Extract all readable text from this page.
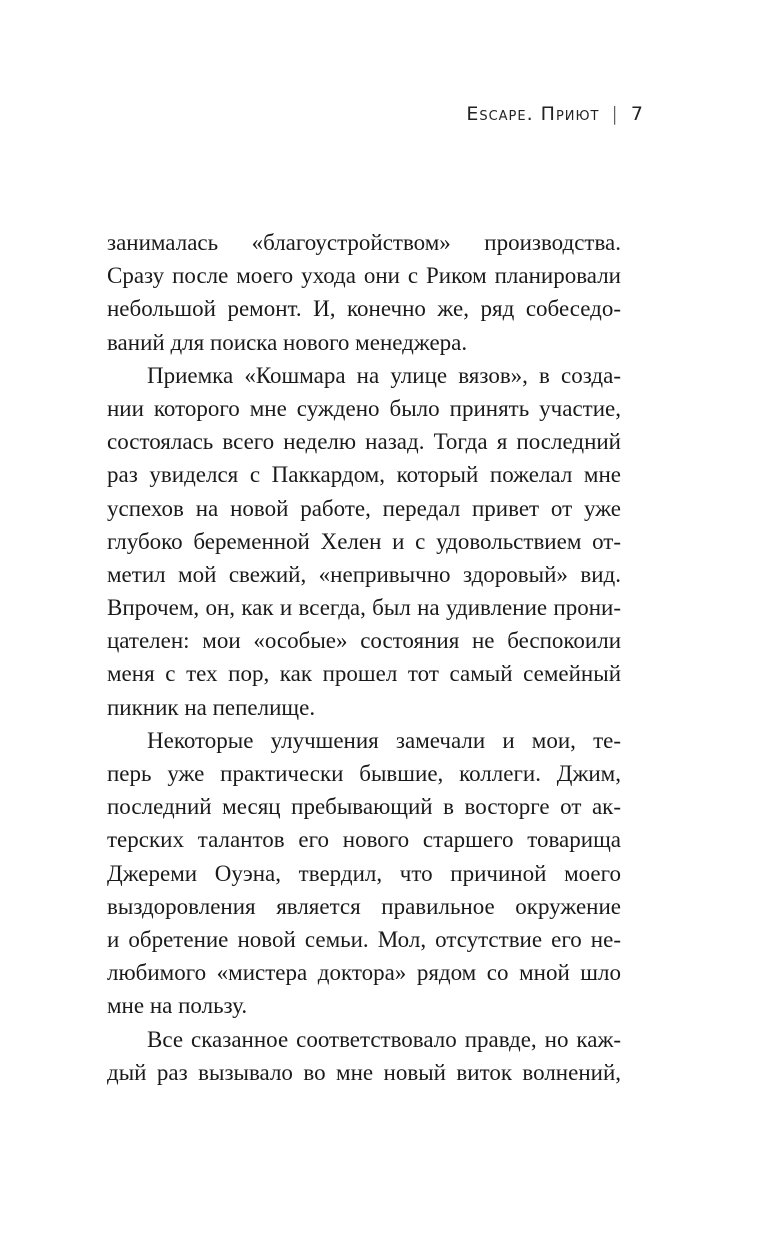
Escape. Приют | 7
занималась «благоустройством» производства.
Сразу после моего ухода они с Риком планировали
небольшой ремонт. И, конечно же, ряд собеседо-
ваний для поиска нового менеджера.
Приемка «Кошмара на улице вязов», в созда-
нии которого мне суждено было принять участие,
состоялась всего неделю назад. Тогда я последний
раз увиделся с Паккардом, который пожелал мне
успехов на новой работе, передал привет от уже
глубоко беременной Хелен и с удовольствием от-
метил мой свежий, «непривычно здоровый» вид.
Впрочем, он, как и всегда, был на удивление прони-
цателен: мои «особые» состояния не беспокоили
меня с тех пор, как прошел тот самый семейный
пикник на пепелище.
Некоторые улучшения замечали и мои, те-
перь уже практически бывшие, коллеги. Джим,
последний месяц пребывающий в восторге от ак-
терских талантов его нового старшего товарища
Джереми Оуэна, твердил, что причиной моего
выздоровления является правильное окружение
и обретение новой семьи. Мол, отсутствие его не-
любимого «мистера доктора» рядом со мной шло
мне на пользу.
Все сказанное соответствовало правде, но каж-
дый раз вызывало во мне новый виток волнений,
